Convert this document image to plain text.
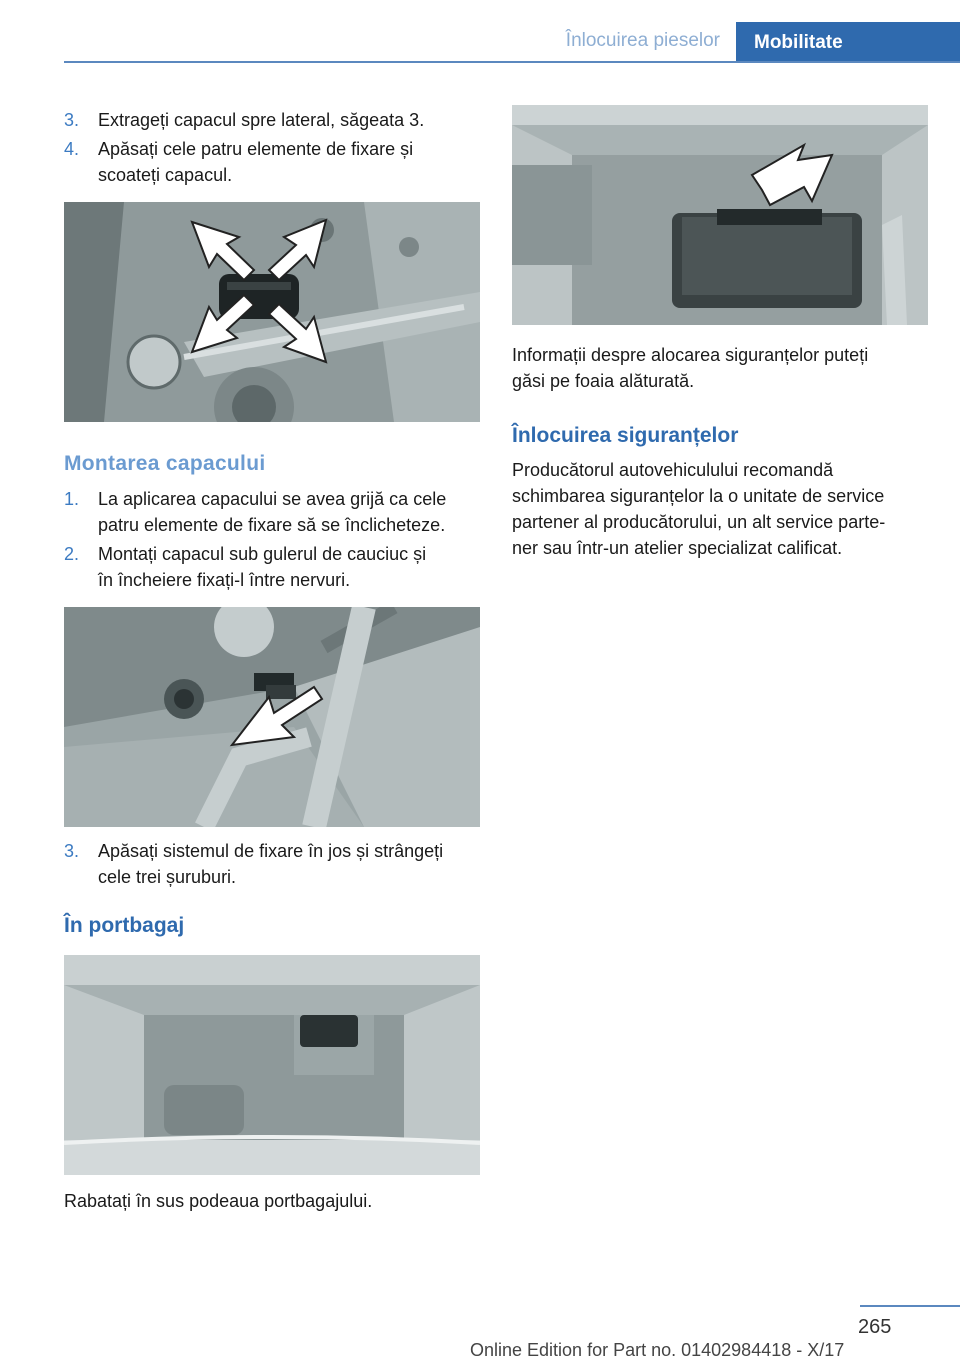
Înlocuirea pieselor	Mobilitate
3. Extrageți capacul spre lateral, săgeata 3.
4. Apăsați cele patru elemente de fixare și
scoateți capacul.
Montarea capacului
1. La aplicarea capacului se avea grijă ca cele
patru elemente de fixare să se înclicheteze.
2. Montați capacul sub gulerul de cauciuc și
în încheiere fixați-l între nervuri.
3. Apăsați sistemul de fixare în jos și strângeți
cele trei șuruburi.
În portbagaj
Rabatați în sus podeaua portbagajului.
Informații despre alocarea siguranțelor puteți
găsi pe foaia alăturată.
Înlocuirea siguranțelor
Producătorul autovehiculului recomandă
schimbarea siguranțelor la o unitate de service
partener al producătorului, un alt service parte‐
ner sau într-un atelier specializat calificat.
265
Online Edition for Part no. 01402984418 - X/17
